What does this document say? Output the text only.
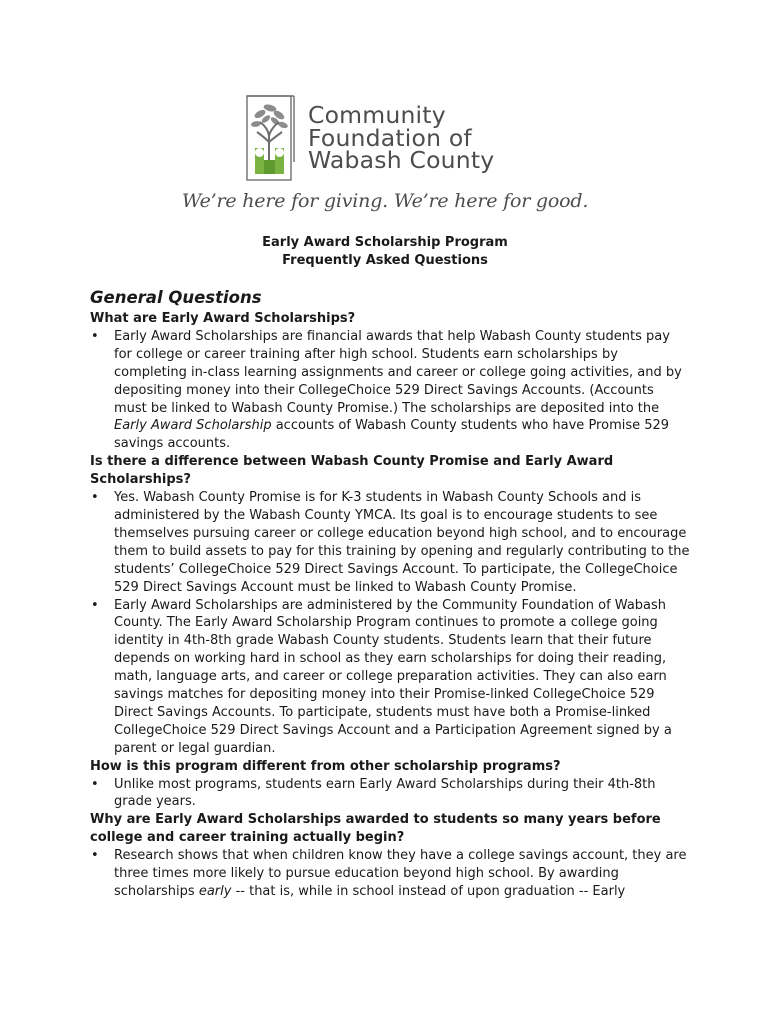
Community
Foundation of
Wabash County
We’re here for giving. We’re here for good.
Early Award Scholarship Program
Frequently Asked Questions
General Questions

What are Early Award Scholarships?

• Early Award Scholarships are financial awards that help Wabash County students pay for college or career training after high school. Students earn scholarships by completing in-class learning assignments and career or college going activities, and by depositing money into their CollegeChoice 529 Direct Savings Accounts. (Accounts must be linked to Wabash County Promise.) The scholarships are deposited into the Early Award Scholarship accounts of Wabash County students who have Promise 529 savings accounts.

Is there a difference between Wabash County Promise and Early Award Scholarships?

• Yes. Wabash County Promise is for K-3 students in Wabash County Schools and is administered by the Wabash County YMCA. Its goal is to encourage students to see themselves pursuing career or college education beyond high school, and to encourage them to build assets to pay for this training by opening and regularly contributing to the students’ CollegeChoice 529 Direct Savings Account. To participate, the CollegeChoice 529 Direct Savings Account must be linked to Wabash County Promise.
• Early Award Scholarships are administered by the Community Foundation of Wabash County. The Early Award Scholarship Program continues to promote a college going identity in 4th-8th grade Wabash County students. Students learn that their future depends on working hard in school as they earn scholarships for doing their reading, math, language arts, and career or college preparation activities. They can also earn savings matches for depositing money into their Promise-linked CollegeChoice 529 Direct Savings Accounts. To participate, students must have both a Promise-linked CollegeChoice 529 Direct Savings Account and a Participation Agreement signed by a parent or legal guardian.

How is this program different from other scholarship programs?

• Unlike most programs, students earn Early Award Scholarships during their 4th-8th grade years.

Why are Early Award Scholarships awarded to students so many years before college and career training actually begin?

• Research shows that when children know they have a college savings account, they are three times more likely to pursue education beyond high school. By awarding scholarships early -- that is, while in school instead of upon graduation -- Early
